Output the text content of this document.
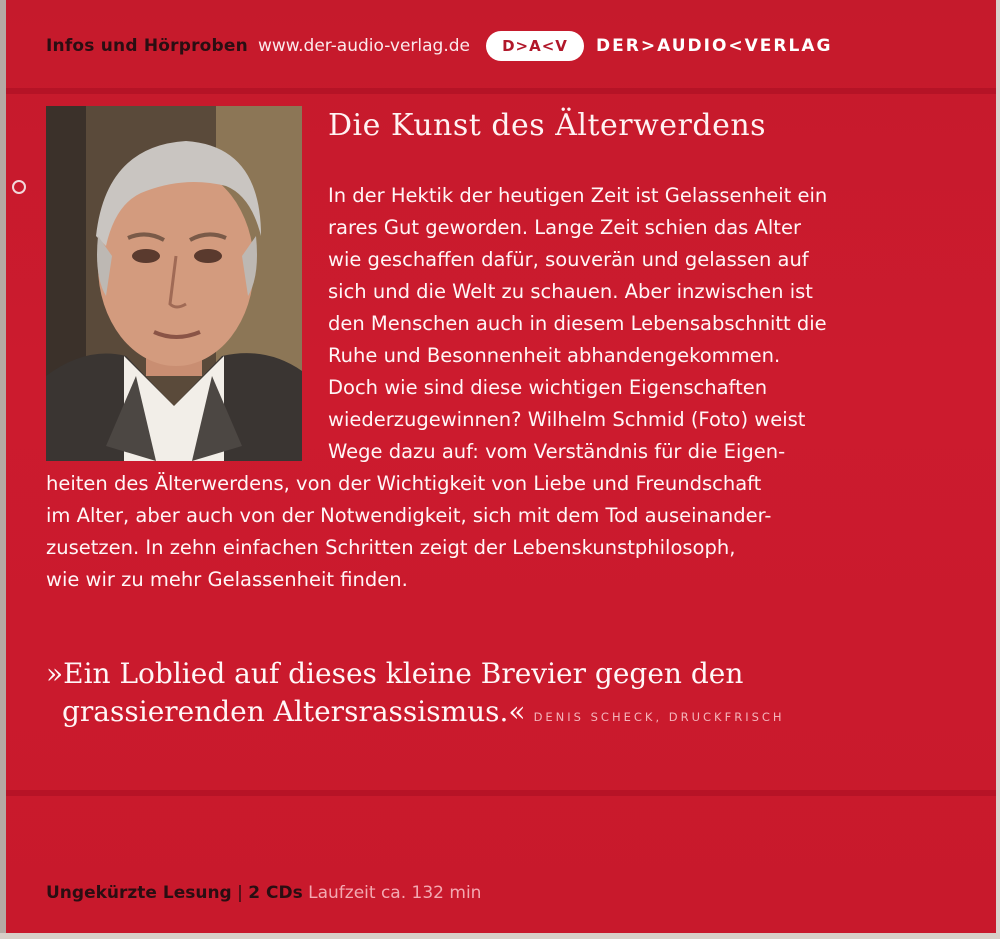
Infos und Hörproben www.der-audio-verlag.de	D>A<V	DER>AUDIO<VERLAG
Die Kunst des Älterwerdens
In der Hektik der heutigen Zeit ist Gelassenheit ein
rares Gut geworden. Lange Zeit schien das Alter
wie geschaffen dafür, souverän und gelassen auf
sich und die Welt zu schauen. Aber inzwischen ist
den Menschen auch in diesem Lebensabschnitt die
Ruhe und Besonnenheit abhandengekommen.
Doch wie sind diese wichtigen Eigenschaften
wiederzugewinnen? Wilhelm Schmid (Foto) weist
Wege dazu auf: vom Verständnis für die Eigen-
heiten des Älterwerdens, von der Wichtigkeit von Liebe und Freundschaft
im Alter, aber auch von der Notwendigkeit, sich mit dem Tod auseinander-
zusetzen. In zehn einfachen Schritten zeigt der Lebenskunstphilosoph,
wie wir zu mehr Gelassenheit finden.
»Ein Loblied auf dieses kleine Brevier gegen den
grassierenden Altersrassismus.« DENIS SCHECK, DRUCKFRISCH
Ungekürzte Lesung | 2 CDs Laufzeit ca. 132 min
